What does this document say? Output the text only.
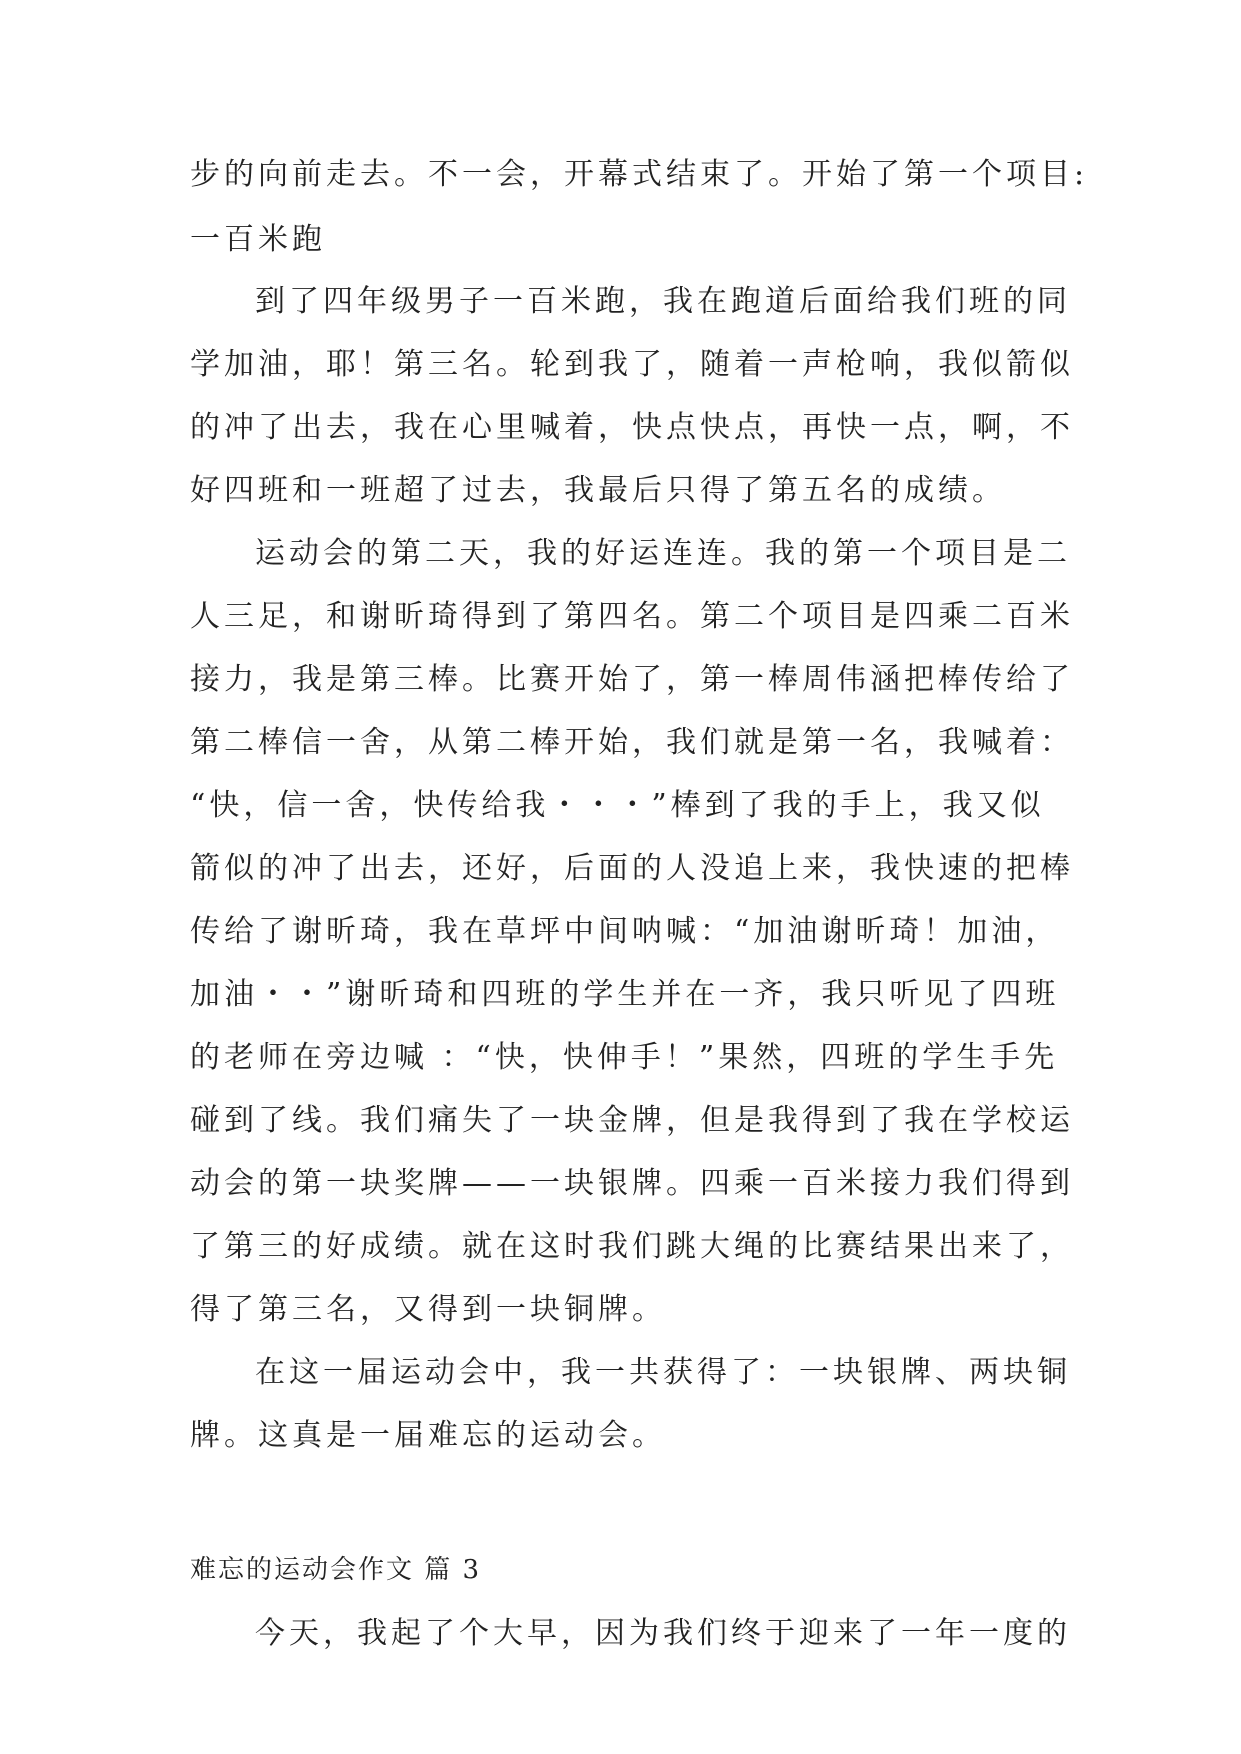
步的向前走去。不一会，开幕式结束了。开始了第一个项目:
一百米跑
到了四年级男子一百米跑，我在跑道后面给我们班的同
学加油，耶！第三名。轮到我了，随着一声枪响，我似箭似
的冲了出去，我在心里喊着，快点快点，再快一点，啊，不
好四班和一班超了过去，我最后只得了第五名的成绩。
运动会的第二天，我的好运连连。我的第一个项目是二
人三足，和谢昕琦得到了第四名。第二个项目是四乘二百米
接力，我是第三棒。比赛开始了，第一棒周伟涵把棒传给了
第二棒信一舍，从第二棒开始，我们就是第一名，我喊着：
“快，信一舍，快传给我・・・”棒到了我的手上，我又似
箭似的冲了出去，还好，后面的人没追上来，我快速的把棒
传给了谢昕琦，我在草坪中间呐喊：“加油谢昕琦！加油，
加油・・”谢昕琦和四班的学生并在一齐，我只听见了四班
的老师在旁边喊 ：“快，快伸手！”果然，四班的学生手先
碰到了线。我们痛失了一块金牌，但是我得到了我在学校运
动会的第一块奖牌——一块银牌。四乘一百米接力我们得到
了第三的好成绩。就在这时我们跳大绳的比赛结果出来了，
得了第三名，又得到一块铜牌。
在这一届运动会中，我一共获得了：一块银牌、两块铜
牌。这真是一届难忘的运动会。
难忘的运动会作文 篇 3
今天，我起了个大早，因为我们终于迎来了一年一度的
